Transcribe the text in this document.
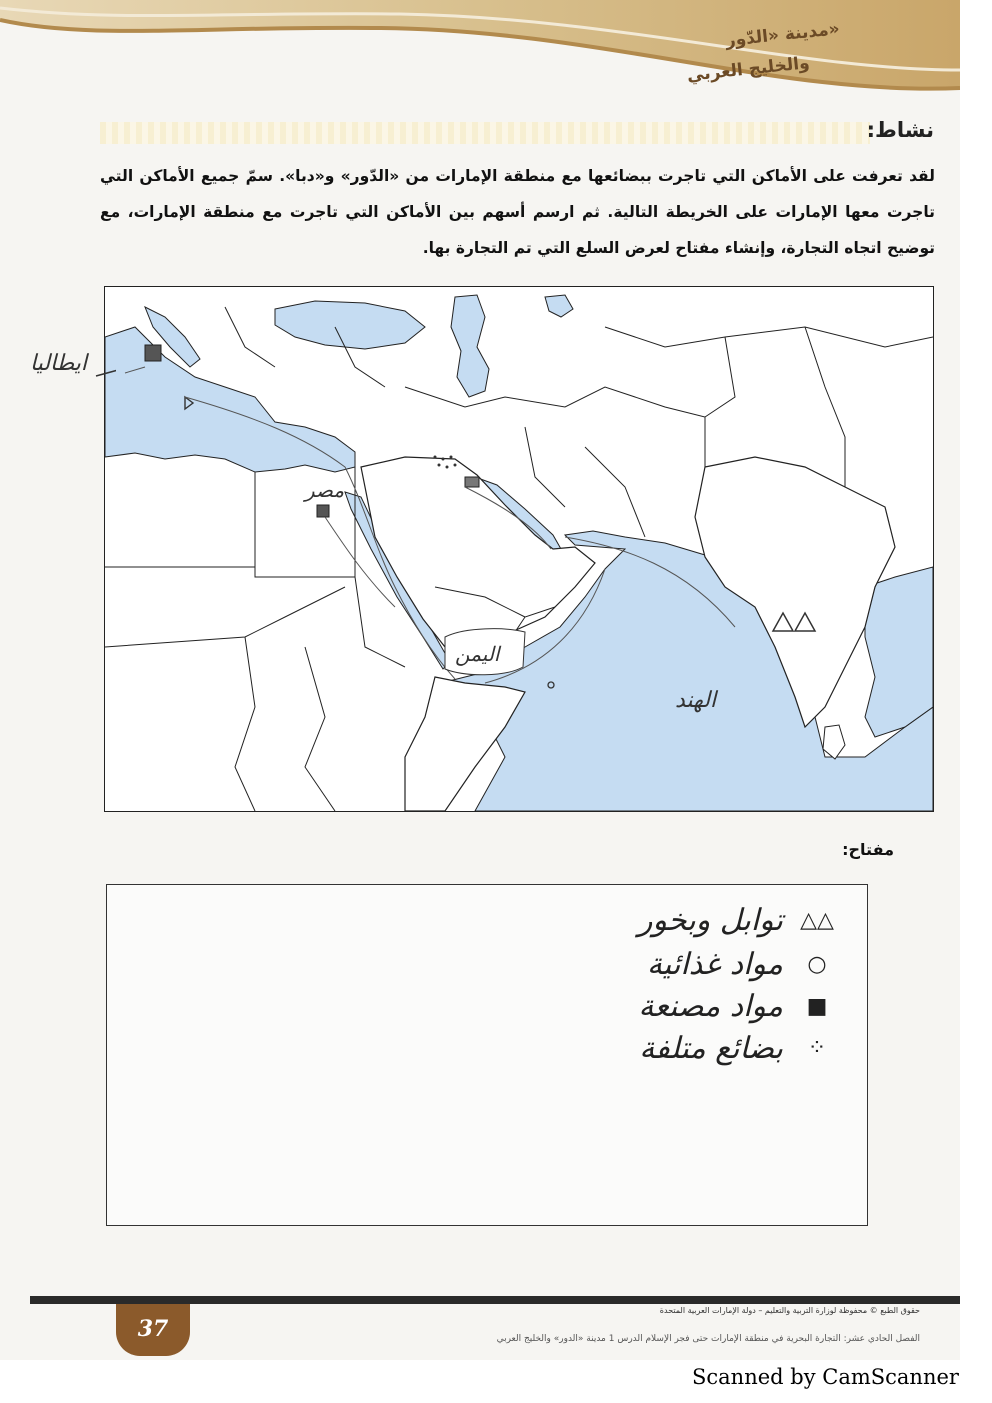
مدينة «الدّور»
والخليج العربي
نشاط:
لقد تعرفت على الأماكن التي تاجرت ببضائعها مع منطقة الإمارات من «الدّور» و«دبا». سمّ جميع الأماكن التي تاجرت معها الإمارات على الخريطة التالية. ثم ارسم أسهم بين الأماكن التي تاجرت مع منطقة الإمارات، مع توضيح اتجاه التجارة، وإنشاء مفتاح لعرض السلع التي تم التجارة بها.
مصر
اليمن
الهند
ايطاليا
مفتاح:
△△
توابل وبخور
○
مواد غذائية
■
مواد مصنعة
⁘
بضائع متلفة
37
حقوق الطبع © محفوظة لوزارة التربية والتعليم – دولة الإمارات العربية المتحدة
الفصل الحادي عشر: التجارة البحرية في منطقة الإمارات حتى فجر الإسلام الدرس 1 مدينة «الدور» والخليج العربي
Scanned by CamScanner
